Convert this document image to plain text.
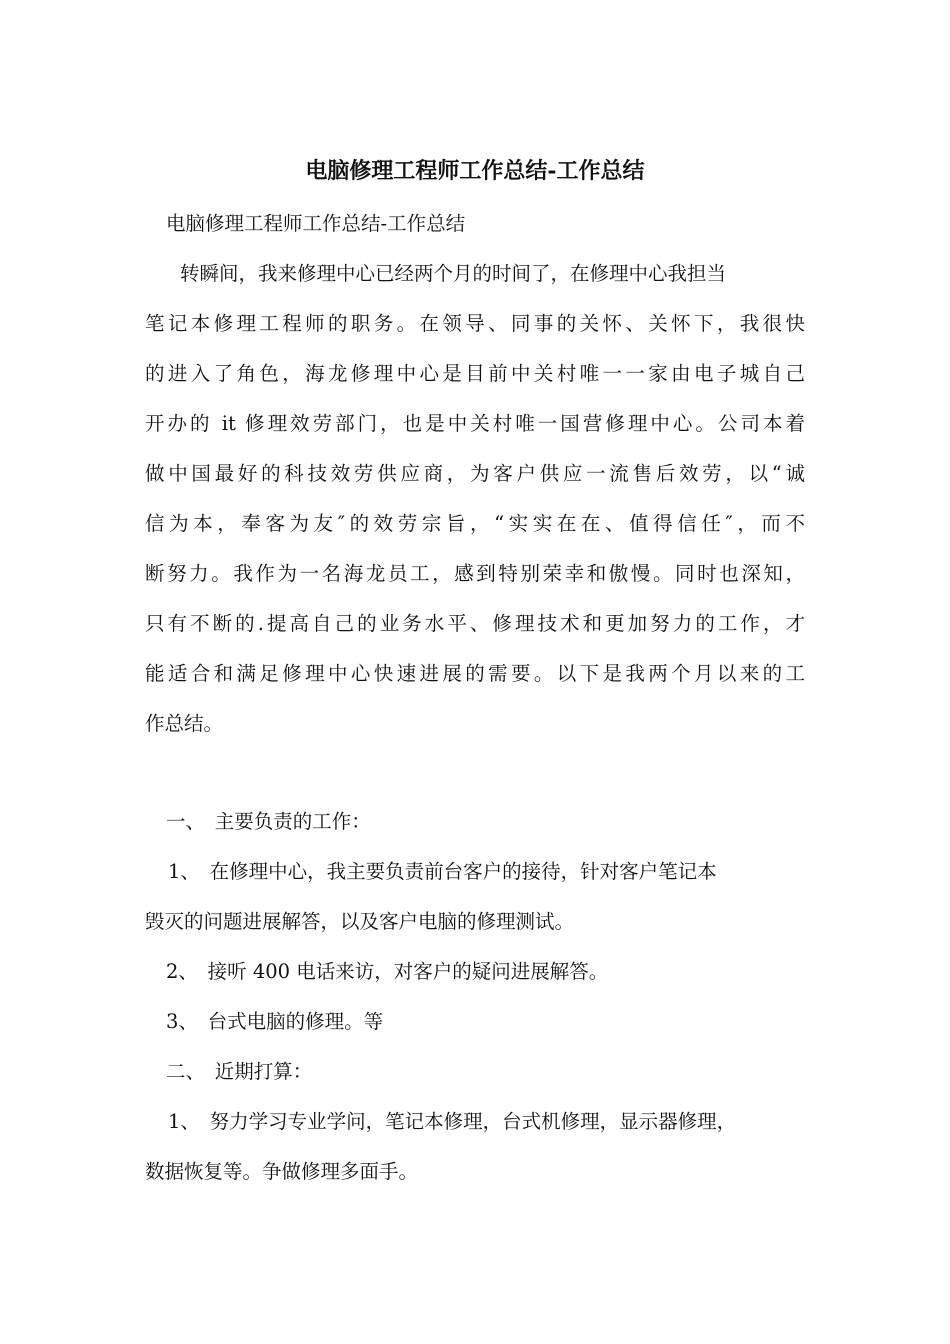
电脑修理工程师工作总结-工作总结
电脑修理工程师工作总结-工作总结
转瞬间，我来修理中心已经两个月的时间了，在修理中心我担当
笔记本修理工程师的职务。在领导、同事的关怀、关怀下，我很快
的进入了角色，海龙修理中心是目前中关村唯一一家由电子城自己
开办的 it 修理效劳部门，也是中关村唯一国营修理中心。公司本着
做中国最好的科技效劳供应商，为客户供应一流售后效劳，以“诚
信为本，奉客为友″的效劳宗旨，“实实在在、值得信任″，而不
断努力。我作为一名海龙员工，感到特别荣幸和傲慢。同时也深知，
只有不断的.提高自己的业务水平、修理技术和更加努力的工作，才
能适合和满足修理中心快速进展的需要。以下是我两个月以来的工
作总结。
一、　主要负责的工作：
1、　在修理中心，我主要负责前台客户的接待，针对客户笔记本
毁灭的问题进展解答，以及客户电脑的修理测试。
2、　接听 400 电话来访，对客户的疑问进展解答。
3、　台式电脑的修理。等
二、　近期打算：
1、　努力学习专业学问，笔记本修理，台式机修理，显示器修理，
数据恢复等。争做修理多面手。
